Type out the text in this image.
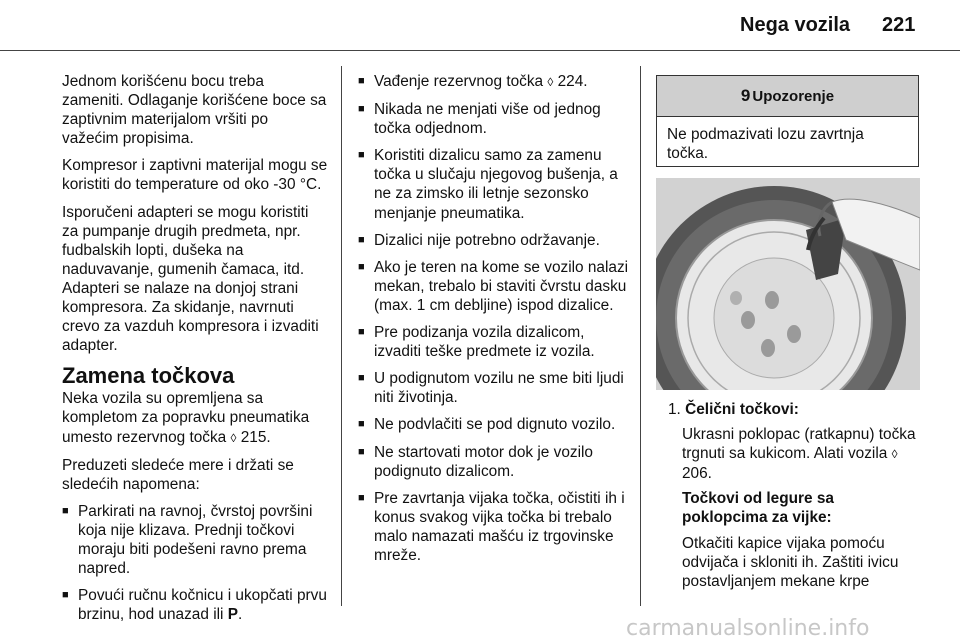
Nega vozila 221

Jednom korišćenu bocu treba zameniti. Odlaganje korišćene boce sa zaptivnim materijalom vršiti po važećim propisima.

Kompresor i zaptivni materijal mogu se koristiti do temperature od oko -30 °C.

Isporučeni adapteri se mogu koristiti za pumpanje drugih predmeta, npr. fudbalskih lopti, dušeka na naduvavanje, gumenih čamaca, itd. Adapteri se nalaze na donjoj strani kompresora. Za skidanje, navrnuti crevo za vazduh kompresora i izvaditi adapter.

Zamena točkova

Neka vozila su opremljena sa kompletom za popravku pneumatika umesto rezervnog točka ◊ 215.

Preduzeti sledeće mere i držati se sledećih napomena:

■ Parkirati na ravnoj, čvrstoj površini koja nije klizava. Prednji točkovi moraju biti podešeni ravno prema napred.
■ Povući ručnu kočnicu i ukopčati prvu brzinu, hod unazad ili P.
■ Vađenje rezervnog točka ◊ 224.
■ Nikada ne menjati više od jednog točka odjednom.
■ Koristiti dizalicu samo za zamenu točka u slučaju njegovog bušenja, a ne za zimsko ili letnje sezonsko menjanje pneumatika.
■ Dizalici nije potrebno održavanje.
■ Ako je teren na kome se vozilo nalazi mekan, trebalo bi staviti čvrstu dasku (max. 1 cm debljine) ispod dizalice.
■ Pre podizanja vozila dizalicom, izvaditi teške predmete iz vozila.
■ U podignutom vozilu ne sme biti ljudi niti životinja.
■ Ne podvlačiti se pod dignuto vozilo.
■ Ne startovati motor dok je vozilo podignuto dizalicom.
■ Pre zavrtanja vijaka točka, očistiti ih i konus svakog vijka točka bi trebalo malo namazati mašću iz trgovinske mreže.
9 Upozorenje
Ne podmazivati lozu zavrtnja točka.

1. Čelični točkovi:

Ukrasni poklopac (ratkapnu) točka trgnuti sa kukicom. Alati vozila ◊ 206.

Točkovi od legure sa poklopcima za vijke:

Otkačiti kapice vijaka pomoću odvijača i skloniti ih. Zaštiti ivicu postavljanjem mekane krpe

carmanualsonline.info
